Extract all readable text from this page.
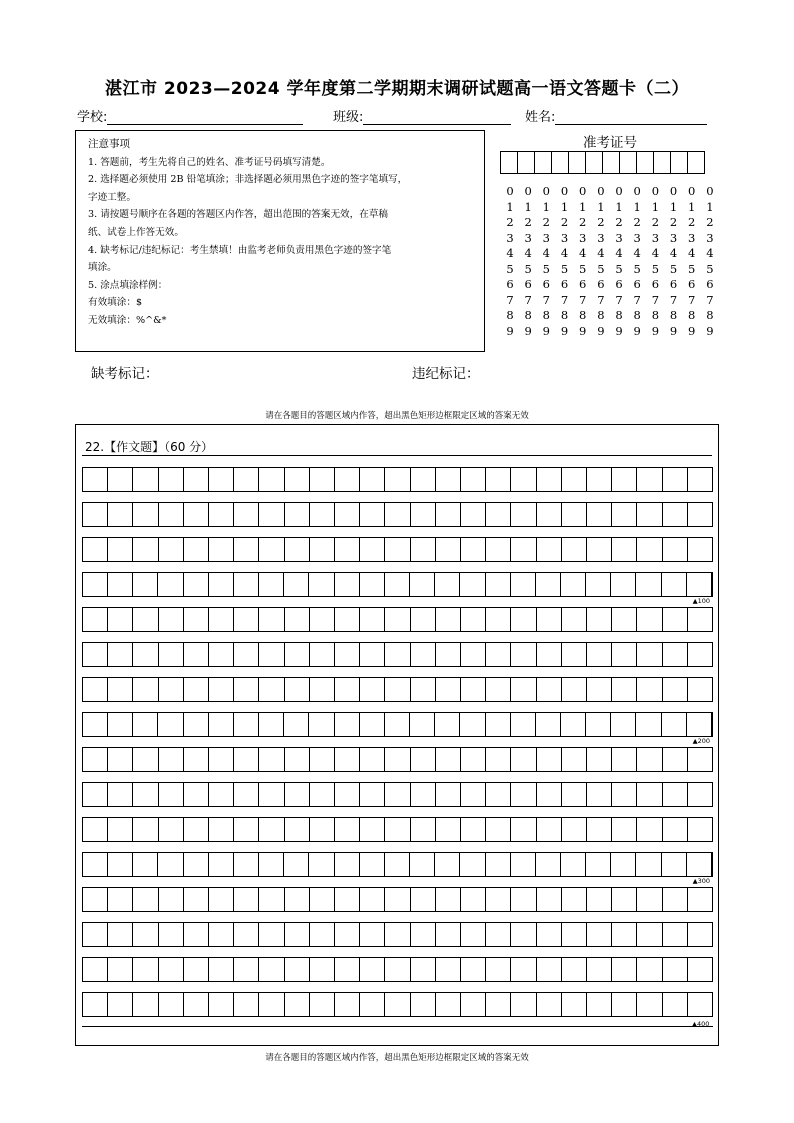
湛江市 2023—2024 学年度第二学期期末调研试题高一语文答题卡（二）
学校:	班级:	姓名:
注意事项
1. 答题前，考生先将自己的姓名、准考证号码填写清楚。
2. 选择题必须使用 2B 铅笔填涂；非选择题必须用黑色字迹的签字笔填写，
字迹工整。
3. 请按题号顺序在各题的答题区内作答，超出范围的答案无效，在草稿
纸、试卷上作答无效。
4. 缺考标记/违纪标记：考生禁填！由监考老师负责用黑色字迹的签字笔
填涂。
5. 涂点填涂样例：
有效填涂：$
无效填涂：%^&*
准考证号
0 0 0 0 0 0 0 0 0 0 0 0
1 1 1 1 1 1 1 1 1 1 1 1
2 2 2 2 2 2 2 2 2 2 2 2
3 3 3 3 3 3 3 3 3 3 3 3
4 4 4 4 4 4 4 4 4 4 4 4
5 5 5 5 5 5 5 5 5 5 5 5
6 6 6 6 6 6 6 6 6 6 6 6
7 7 7 7 7 7 7 7 7 7 7 7
8 8 8 8 8 8 8 8 8 8 8 8
9 9 9 9 9 9 9 9 9 9 9 9
缺考标记：	违纪标记：
请在各题目的答题区域内作答，超出黑色矩形边框限定区域的答案无效
22.【作文题】（60 分）
▲100
▲200
▲300
▲400
请在各题目的答题区域内作答，超出黑色矩形边框限定区域的答案无效
